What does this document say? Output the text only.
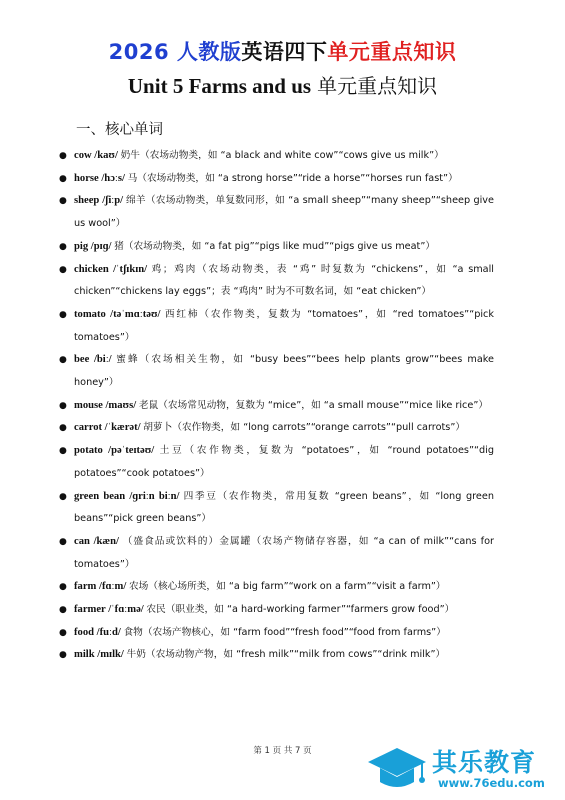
2026 人教版英语四下单元重点知识
Unit 5 Farms and us 单元重点知识
一、核心单词
● cow /kaʊ/ 奶牛（农场动物类，如 “a black and white cow”“cows give us milk”）
● horse /hɔːs/ 马（农场动物类，如 “a strong horse”“ride a horse”“horses run fast”）
● sheep /ʃiːp/ 绵羊（农场动物类，单复数同形，如 “a small sheep”“many sheep”“sheep give us wool”）
● pig /pɪɡ/ 猪（农场动物类，如 “a fat pig”“pigs like mud”“pigs give us meat”）
● chicken /ˈtʃɪkɪn/ 鸡；鸡肉（农场动物类，表 “鸡” 时复数为 “chickens”，如 “a small chicken”“chickens lay eggs”；表 “鸡肉” 时为不可数名词，如 “eat chicken”）
● tomato /təˈmɑːtəʊ/ 西红柿（农作物类，复数为 “tomatoes”，如 “red tomatoes”“pick tomatoes”）
● bee /biː/ 蜜蜂（农场相关生物，如 “busy bees”“bees help plants grow”“bees make honey”）
● mouse /maʊs/ 老鼠（农场常见动物，复数为 “mice”，如 “a small mouse”“mice like rice”）
● carrot /ˈkærət/ 胡萝卜（农作物类，如 “long carrots”“orange carrots”“pull carrots”）
● potato /pəˈteɪtəʊ/ 土豆（农作物类，复数为 “potatoes”，如 “round potatoes”“dig potatoes”“cook potatoes”）
● green bean /ɡriːn biːn/ 四季豆（农作物类，常用复数 “green beans”，如 “long green beans”“pick green beans”）
● can /kæn/ （盛食品或饮料的）金属罐（农场产物储存容器，如 “a can of milk”“cans for tomatoes”）
● farm /fɑːm/ 农场（核心场所类，如 “a big farm”“work on a farm”“visit a farm”）
● farmer /ˈfɑːmə/ 农民（职业类，如 “a hard-working farmer”“farmers grow food”）
● food /fuːd/ 食物（农场产物核心，如 “farm food”“fresh food”“food from farms”）
● milk /mɪlk/ 牛奶（农场动物产物，如 “fresh milk”“milk from cows”“drink milk”）
第 1 页 共 7 页	其乐教育
www.76edu.com
